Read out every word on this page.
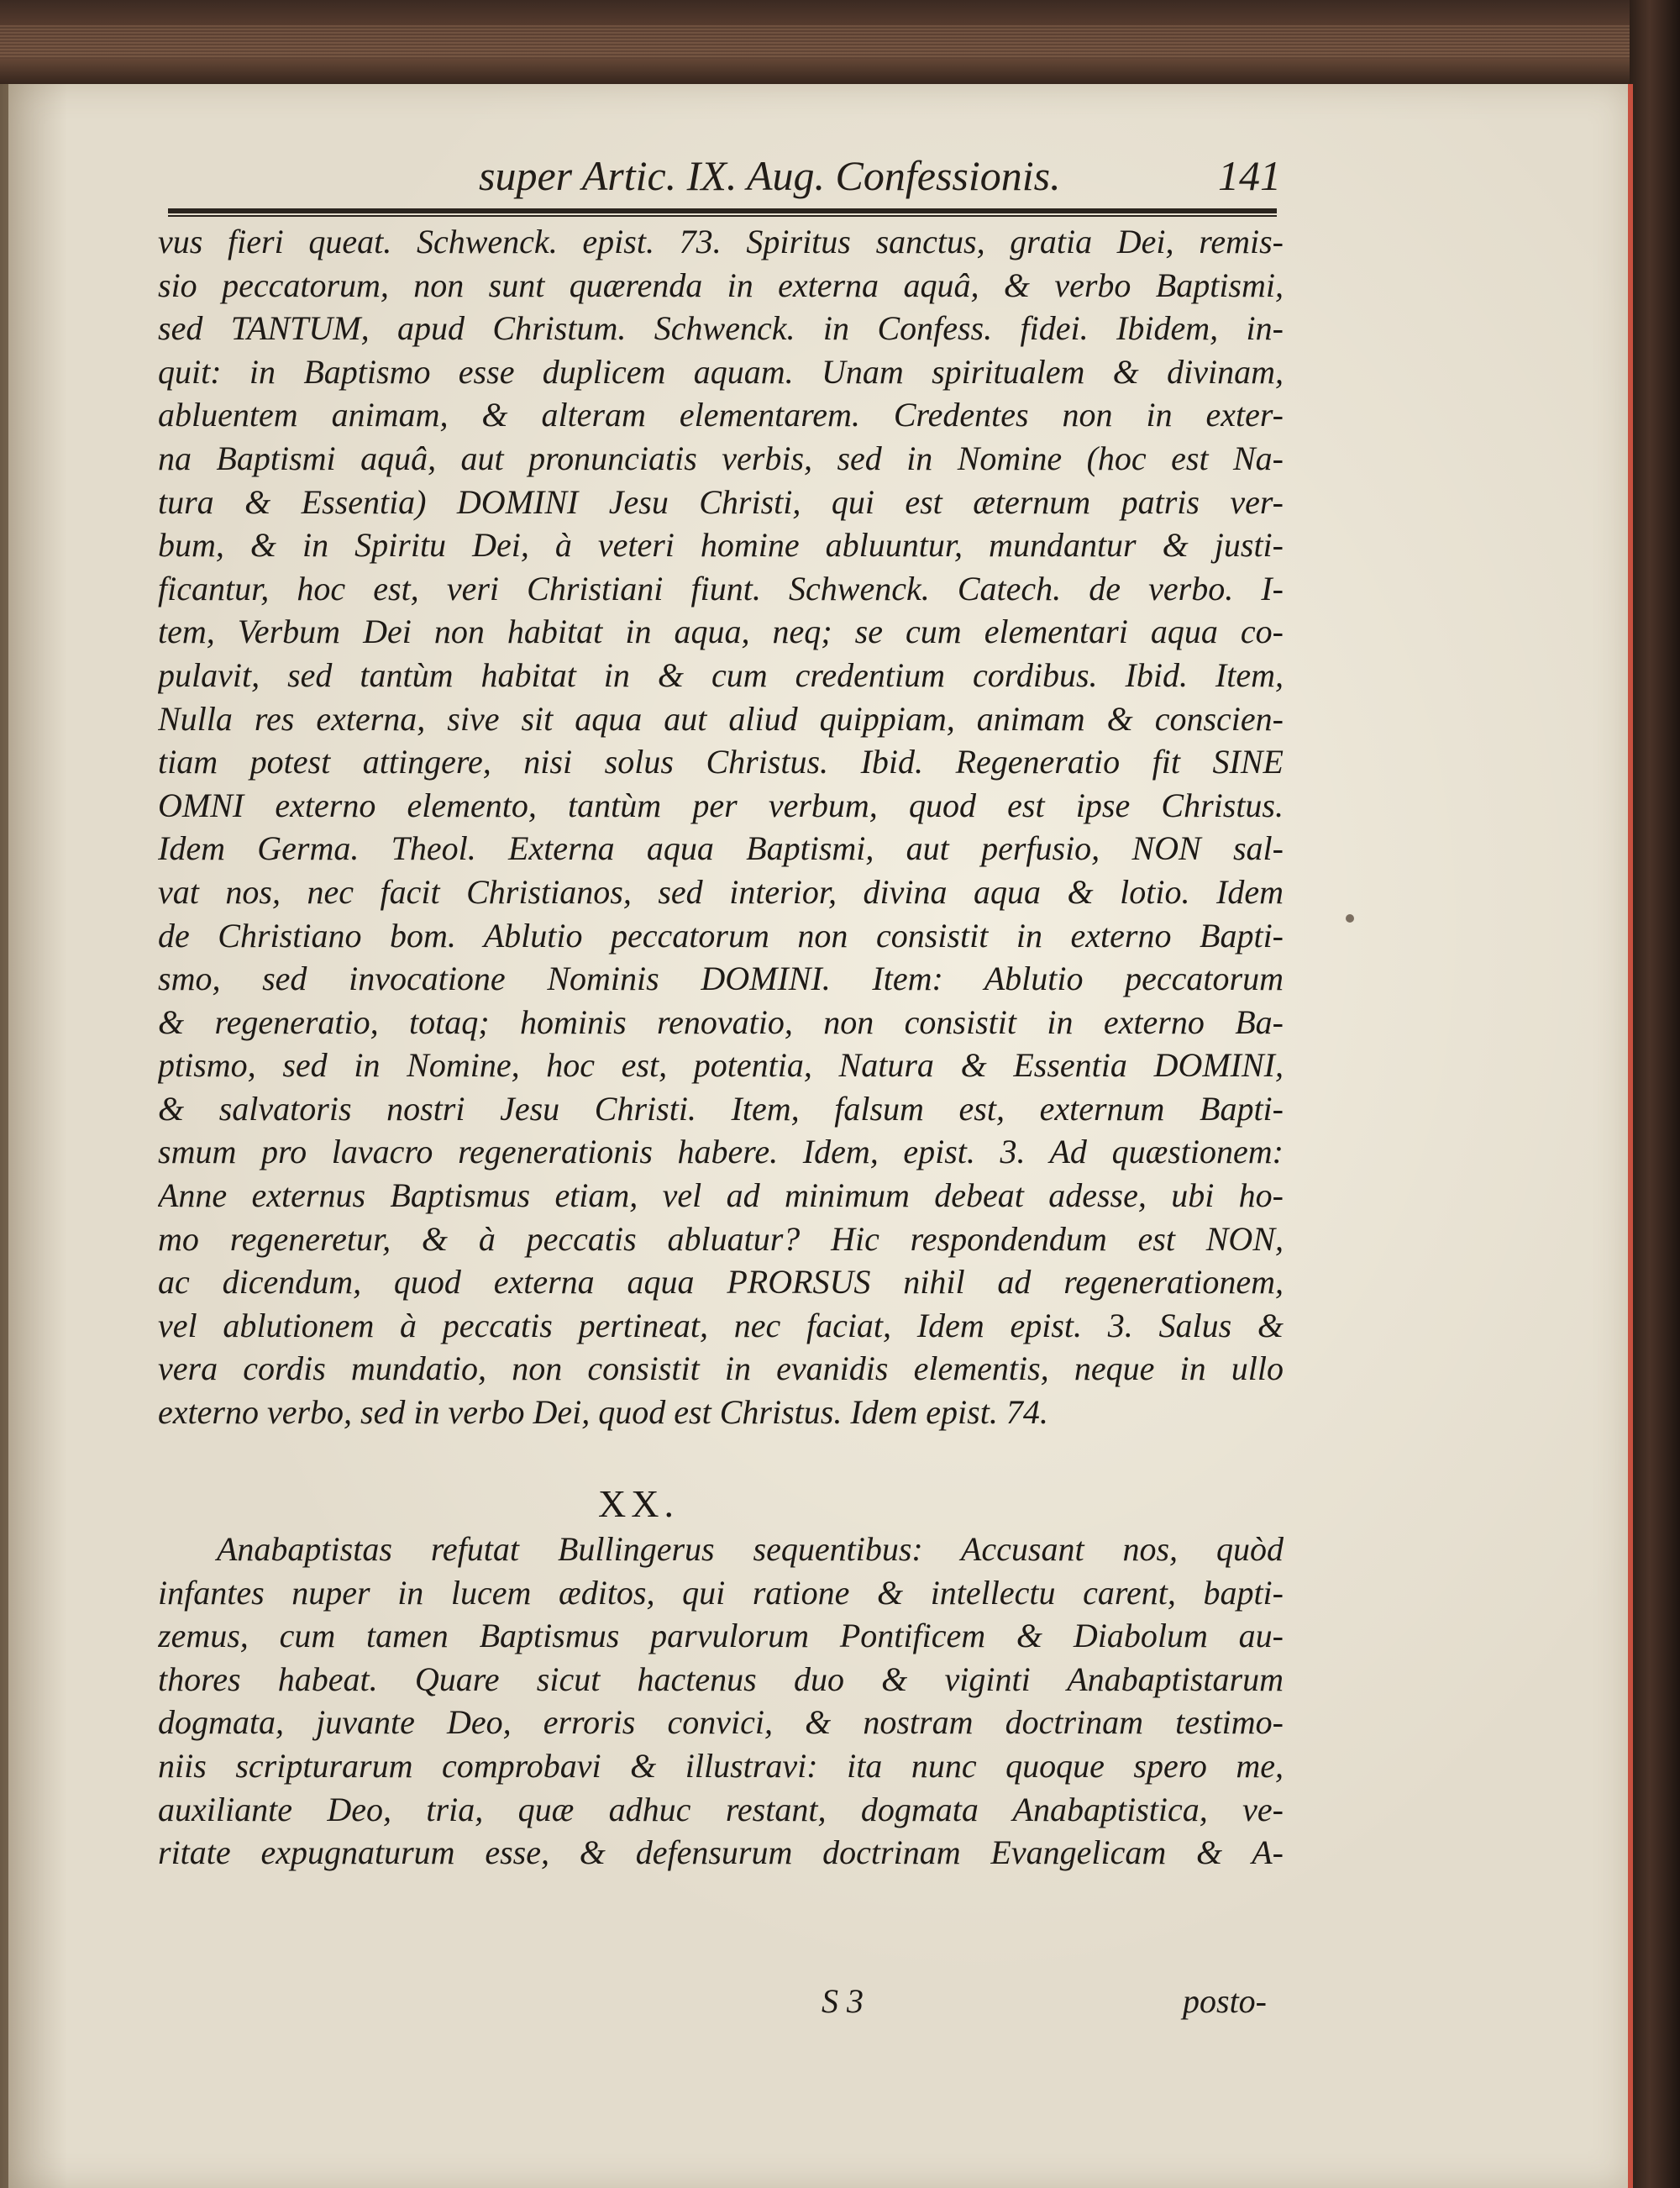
super Artic. IX. Aug. Confessionis.	141
vus fieri queat. Schwenck. epist. 73. Spiritus sanctus, gratia Dei, remis-
sio peccatorum, non sunt quærenda in externa aquâ, & verbo Baptismi,
sed TANTUM, apud Christum. Schwenck. in Confess. fidei. Ibidem, in-
quit: in Baptismo esse duplicem aquam. Unam spiritualem & divinam,
abluentem animam, & alteram elementarem. Credentes non in exter-
na Baptismi aquâ, aut pronunciatis verbis, sed in Nomine (hoc est Na-
tura & Essentia) DOMINI Jesu Christi, qui est æternum patris ver-
bum, & in Spiritu Dei, à veteri homine abluuntur, mundantur & justi-
ficantur, hoc est, veri Christiani fiunt. Schwenck. Catech. de verbo. I-
tem, Verbum Dei non habitat in aqua, neq; se cum elementari aqua co-
pulavit, sed tantùm habitat in & cum credentium cordibus. Ibid. Item,
Nulla res externa, sive sit aqua aut aliud quippiam, animam & conscien-
tiam potest attingere, nisi solus Christus. Ibid. Regeneratio fit SINE
OMNI externo elemento, tantùm per verbum, quod est ipse Christus.
Idem Germa. Theol. Externa aqua Baptismi, aut perfusio, NON sal-
vat nos, nec facit Christianos, sed interior, divina aqua & lotio. Idem
de Christiano bom. Ablutio peccatorum non consistit in externo Bapti-
smo, sed invocatione Nominis DOMINI. Item: Ablutio peccatorum
& regeneratio, totaq; hominis renovatio, non consistit in externo Ba-
ptismo, sed in Nomine, hoc est, potentia, Natura & Essentia DOMINI,
& salvatoris nostri Jesu Christi. Item, falsum est, externum Bapti-
smum pro lavacro regenerationis habere. Idem, epist. 3. Ad quæstionem:
Anne externus Baptismus etiam, vel ad minimum debeat adesse, ubi ho-
mo regeneretur, & à peccatis abluatur? Hic respondendum est NON,
ac dicendum, quod externa aqua PRORSUS nihil ad regenerationem,
vel ablutionem à peccatis pertineat, nec faciat, Idem epist. 3. Salus &
vera cordis mundatio, non consistit in evanidis elementis, neque in ullo
externo verbo, sed in verbo Dei, quod est Christus. Idem epist. 74.
XX.
Anabaptistas refutat Bullingerus sequentibus: Accusant nos, quòd
infantes nuper in lucem æditos, qui ratione & intellectu carent, bapti-
zemus, cum tamen Baptismus parvulorum Pontificem & Diabolum au-
thores habeat. Quare sicut hactenus duo & viginti Anabaptistarum
dogmata, juvante Deo, erroris convici, & nostram doctrinam testimo-
niis scripturarum comprobavi & illustravi: ita nunc quoque spero me,
auxiliante Deo, tria, quæ adhuc restant, dogmata Anabaptistica, ve-
ritate expugnaturum esse, & defensurum doctrinam Evangelicam & A-
S 3	posto-
